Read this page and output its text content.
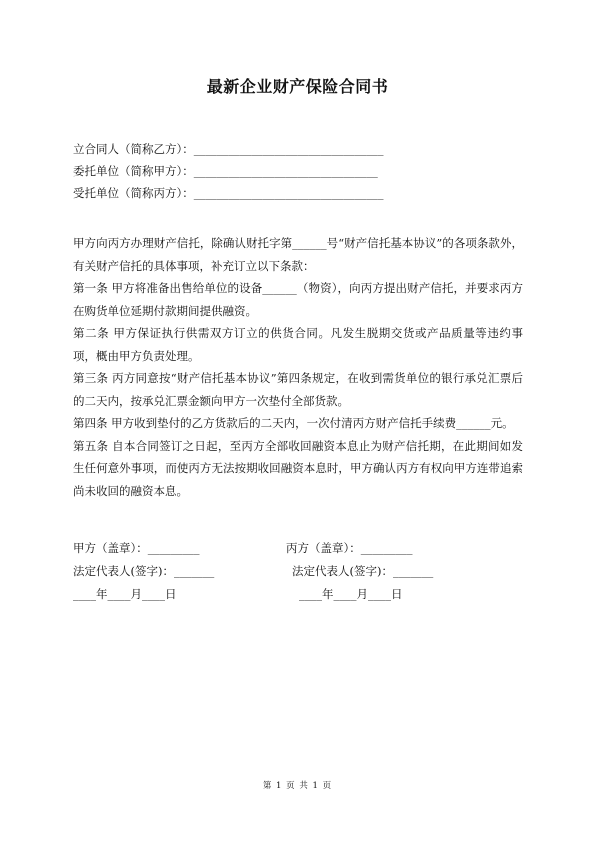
最新企业财产保险合同书
立合同人（简称乙方）：_________________________________
委托单位（简称甲方）：________________________________
受托单位（简称丙方）：_________________________________

甲方向丙方办理财产信托，除确认财托字第______号“财产信托基本协议”的各项条款外，有关财产信托的具体事项，补充订立以下条款：

第一条 甲方将准备出售给单位的设备______（物资），向丙方提出财产信托，并要求丙方在购货单位延期付款期间提供融资。

第二条 甲方保证执行供需双方订立的供货合同。凡发生脱期交货或产品质量等违约事项，概由甲方负责处理。

第三条 丙方同意按“财产信托基本协议”第四条规定，在收到需货单位的银行承兑汇票后的二天内，按承兑汇票金额向甲方一次垫付全部货款。

第四条 甲方收到垫付的乙方货款后的二天内，一次付清丙方财产信托手续费______元。

第五条 自本合同签订之日起，至丙方全部收回融资本息止为财产信托期，在此期间如发生任何意外事项，而使丙方无法按期收回融资本息时，甲方确认丙方有权向甲方连带追索尚未收回的融资本息。

甲方（盖章）：_________	丙方（盖章）：_________
法定代表人(签字)：_______	法定代表人(签字)：_______
____年____月____日	____年____月____日
第 1 页 共 1 页
